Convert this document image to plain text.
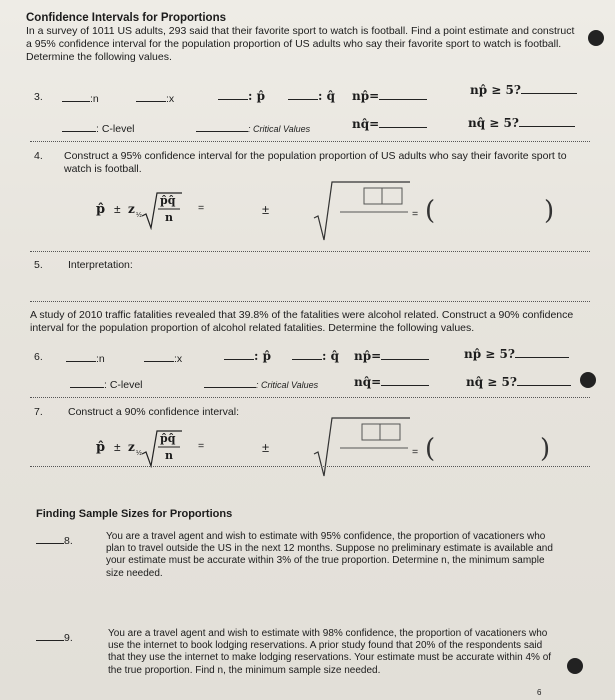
Confidence Intervals for Proportions
In a survey of 1011 US adults, 293 said that their favorite sport to watch is football. Find a point estimate and construct a 95% confidence interval for the population proportion of US adults who say their favorite sport to watch is football. Determine the following values.
3.	:n	:x	: p̂	: q̂ np̂=	np̂ ≥ 5?
: C-level	: Critical Values	nq̂=	nq̂ ≥ 5?
4. Construct a 95% confidence interval for the population proportion of US adults who say their favorite sport to watch is football.
p̂ ± z ½
p̂q̂
n
=	±	= (	)
5. Interpretation:
A study of 2010 traffic fatalities revealed that 39.8% of the fatalities were alcohol related. Construct a 90% confidence interval for the population proportion of alcohol related fatalities. Determine the following values.
6.	:n	:x	: p̂	: q̂ np̂=	np̂ ≥ 5?
: C-level	: Critical Values	nq̂=	nq̂ ≥ 5?
7. Construct a 90% confidence interval:
p̂ ± z ½
p̂q̂
n
=	±	= (	)
Finding Sample Sizes for Proportions
8.	You are a travel agent and wish to estimate with 95% confidence, the proportion of vacationers who plan to travel outside the US in the next 12 months. Suppose no preliminary estimate is available and your estimate must be accurate within 3% of the true proportion. Determine n, the minimum sample size needed.
9.	You are a travel agent and wish to estimate with 98% confidence, the proportion of vacationers who use the internet to book lodging reservations. A prior study found that 20% of the respondents said that they use the internet to make lodging reservations. Your estimate must be accurate within 4% of the true proportion. Find n, the minimum sample size needed.
6
